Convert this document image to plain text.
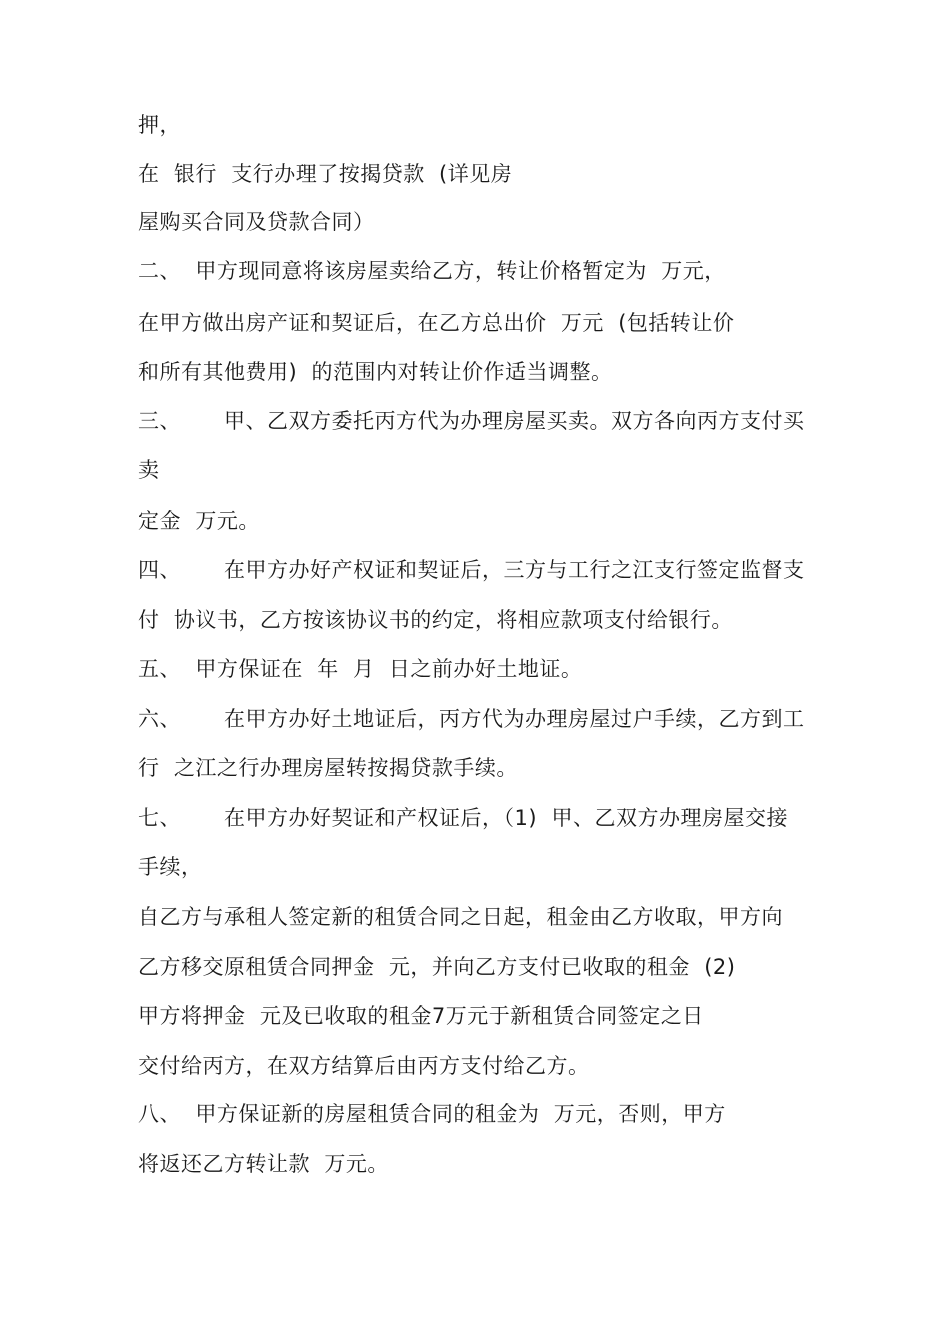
押，
在  银行  支行办理了按揭贷款  (详见房
屋购买合同及贷款合同）
二、  甲方现同意将该房屋卖给乙方，转让价格暂定为  万元，
在甲方做出房产证和契证后，在乙方总出价  万元  (包括转让价
和所有其他费用)  的范围内对转让价作适当调整。
三、      甲、乙双方委托丙方代为办理房屋买卖。双方各向丙方支付买
卖
定金  万元。
四、      在甲方办好产权证和契证后，三方与工行之江支行签定监督支
付  协议书，乙方按该协议书的约定，将相应款项支付给银行。
五、  甲方保证在  年  月  日之前办好土地证。
六、      在甲方办好土地证后，丙方代为办理房屋过户手续，乙方到工
行  之江之行办理房屋转按揭贷款手续。
七、      在甲方办好契证和产权证后，（1)  甲、乙双方办理房屋交接
手续，
自乙方与承租人签定新的租赁合同之日起，租金由乙方收取，甲方向
乙方移交原租赁合同押金  元，并向乙方支付已收取的租金  (2)
甲方将押金  元及已收取的租金7万元于新租赁合同签定之日
交付给丙方，在双方结算后由丙方支付给乙方。
八、  甲方保证新的房屋租赁合同的租金为  万元，否则，甲方
将返还乙方转让款  万元。
